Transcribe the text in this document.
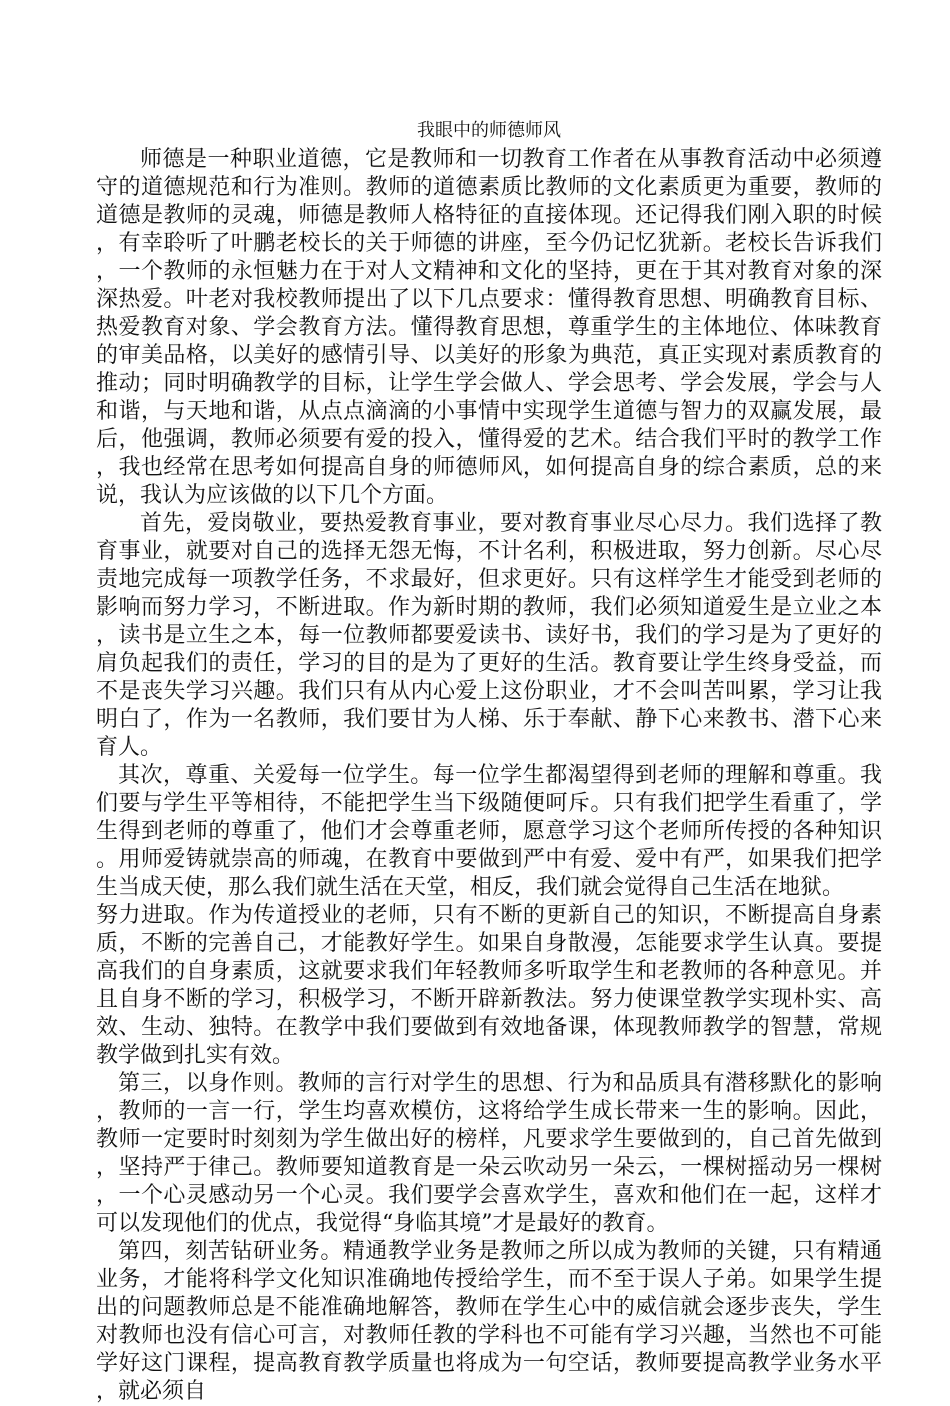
我眼中的师德师风

师德是一种职业道德，它是教师和一切教育工作者在从事教育活动中必须遵守的道德规范和行为准则。教师的道德素质比教师的文化素质更为重要，教师的道德是教师的灵魂，师德是教师人格特征的直接体现。还记得我们刚入职的时候，有幸聆听了叶鹏老校长的关于师德的讲座，至今仍记忆犹新。老校长告诉我们，一个教师的永恒魅力在于对人文精神和文化的坚持，更在于其对教育对象的深深热爱。叶老对我校教师提出了以下几点要求：懂得教育思想、明确教育目标、热爱教育对象、学会教育方法。懂得教育思想，尊重学生的主体地位、体味教育的审美品格，以美好的感情引导、以美好的形象为典范，真正实现对素质教育的推动；同时明确教学的目标，让学生学会做人、学会思考、学会发展，学会与人和谐，与天地和谐，从点点滴滴的小事情中实现学生道德与智力的双赢发展，最后，他强调，教师必须要有爱的投入，懂得爱的艺术。结合我们平时的教学工作，我也经常在思考如何提高自身的师德师风，如何提高自身的综合素质，总的来说，我认为应该做的以下几个方面。

首先，爱岗敬业，要热爱教育事业，要对教育事业尽心尽力。我们选择了教育事业，就要对自己的选择无怨无悔，不计名利，积极进取，努力创新。尽心尽责地完成每一项教学任务，不求最好，但求更好。只有这样学生才能受到老师的影响而努力学习，不断进取。作为新时期的教师，我们必须知道爱生是立业之本，读书是立生之本，每一位教师都要爱读书、读好书，我们的学习是为了更好的肩负起我们的责任，学习的目的是为了更好的生活。教育要让学生终身受益，而不是丧失学习兴趣。我们只有从内心爱上这份职业，才不会叫苦叫累，学习让我明白了，作为一名教师，我们要甘为人梯、乐于奉献、静下心来教书、潜下心来育人。

其次，尊重、关爱每一位学生。每一位学生都渴望得到老师的理解和尊重。我们要与学生平等相待，不能把学生当下级随便呵斥。只有我们把学生看重了，学生得到老师的尊重了，他们才会尊重老师，愿意学习这个老师所传授的各种知识。用师爱铸就崇高的师魂，在教育中要做到严中有爱、爱中有严，如果我们把学生当成天使，那么我们就生活在天堂，相反，我们就会觉得自己生活在地狱。

努力进取。作为传道授业的老师，只有不断的更新自己的知识，不断提高自身素质，不断的完善自己，才能教好学生。如果自身散漫，怎能要求学生认真。要提高我们的自身素质，这就要求我们年轻教师多听取学生和老教师的各种意见。并且自身不断的学习，积极学习，不断开辟新教法。努力使课堂教学实现朴实、高效、生动、独特。在教学中我们要做到有效地备课，体现教师教学的智慧，常规教学做到扎实有效。

第三，以身作则。教师的言行对学生的思想、行为和品质具有潜移默化的影响，教师的一言一行，学生均喜欢模仿，这将给学生成长带来一生的影响。因此，教师一定要时时刻刻为学生做出好的榜样，凡要求学生要做到的，自己首先做到，坚持严于律己。教师要知道教育是一朵云吹动另一朵云，一棵树摇动另一棵树，一个心灵感动另一个心灵。我们要学会喜欢学生，喜欢和他们在一起，这样才可以发现他们的优点，我觉得“身临其境”才是最好的教育。

第四，刻苦钻研业务。精通教学业务是教师之所以成为教师的关键，只有精通业务，才能将科学文化知识准确地传授给学生，而不至于误人子弟。如果学生提出的问题教师总是不能准确地解答，教师在学生心中的威信就会逐步丧失，学生对教师也没有信心可言，对教师任教的学科也不可能有学习兴趣，当然也不可能学好这门课程，提高教育教学质量也将成为一句空话，教师要提高教学业务水平，就必须自
